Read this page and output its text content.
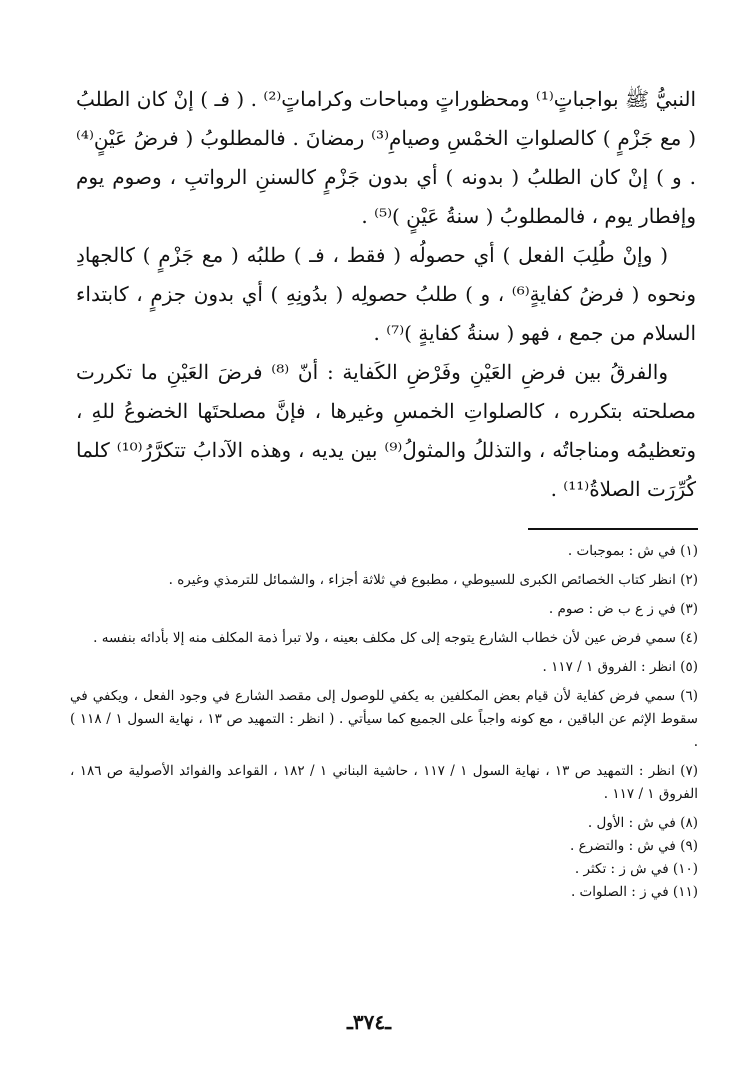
النبيُّ ﷺ بواجباتٍ⁽¹⁾ ومحظوراتٍ ومباحات وكراماتٍ⁽²⁾ . ( فـ ) إنْ كان الطلبُ ( مع جَزْمٍ ) كالصلواتِ الخمْسِ وصيامِ⁽³⁾ رمضانَ . فالمطلوبُ ( فرضُ عَيْنٍ⁽⁴⁾ . و ) إنْ كان الطلبُ ( بدونه ) أي بدون جَزْمٍ كالسننِ الرواتبِ ، وصوم يوم وإفطار يوم ، فالمطلوبُ ( سنةُ عَيْنٍ )⁽⁵⁾ .

( وإنْ طُلِبَ الفعل ) أي حصولُه ( فقط ، فـ ) طلبُه ( مع جَزْمٍ ) كالجهادِ ونحوه ( فرضُ كفايةٍ⁽⁶⁾ ، و ) طلبُ حصولِه ( بدُونِهِ ) أي بدون جزمٍ ، كابتداء السلام من جمع ، فهو ( سنةُ كفايةٍ )⁽⁷⁾ .

والفرقُ بين فرضِ العَيْنِ وفَرْضِ الكَفاية : أنّ ⁽⁸⁾ فرضَ العَيْنِ ما تكررت مصلحته بتكرره ، كالصلواتِ الخمسِ وغيرها ، فإنَّ مصلحتَها الخضوعُ للهِ ، وتعظيمُه ومناجاتُه ، والتذللُ والمثولُ⁽⁹⁾ بين يديه ، وهذه الآدابُ تتكرَّرُ⁽¹⁰⁾ كلما كُرِّرَت الصلاةُ⁽¹¹⁾ .

(١) في ش : بموجبات .

(٢) انظر كتاب الخصائص الكبرى للسيوطي ، مطبوع في ثلاثة أجزاء ، والشمائل للترمذي وغيره .

(٣) في ز ع ب ض : صوم .

(٤) سمي فرض عين لأن خطاب الشارع يتوجه إلى كل مكلف بعينه ، ولا تبرأ ذمة المكلف منه إلا بأدائه بنفسه .

(٥) انظر : الفروق ١ / ١١٧ .

(٦) سمي فرض كفاية لأن قيام بعض المكلفين به يكفي للوصول إلى مقصد الشارع في وجود الفعل ، ويكفي في سقوط الإثم عن الباقين ، مع كونه واجباً على الجميع كما سيأتي . ( انظر : التمهيد ص ١٣ ، نهاية السول ١ / ١١٨ ) .

(٧) انظر : التمهيد ص ١٣ ، نهاية السول ١ / ١١٧ ، حاشية البناني ١ / ١٨٢ ، القواعد والفوائد الأصولية ص ١٨٦ ، الفروق ١ / ١١٧ .

(٨) في ش : الأول .

(٩) في ش : والتضرع .

(١٠) في ش ز : تكثر .

(١١) في ز : الصلوات .

ـ٣٧٤ـ
